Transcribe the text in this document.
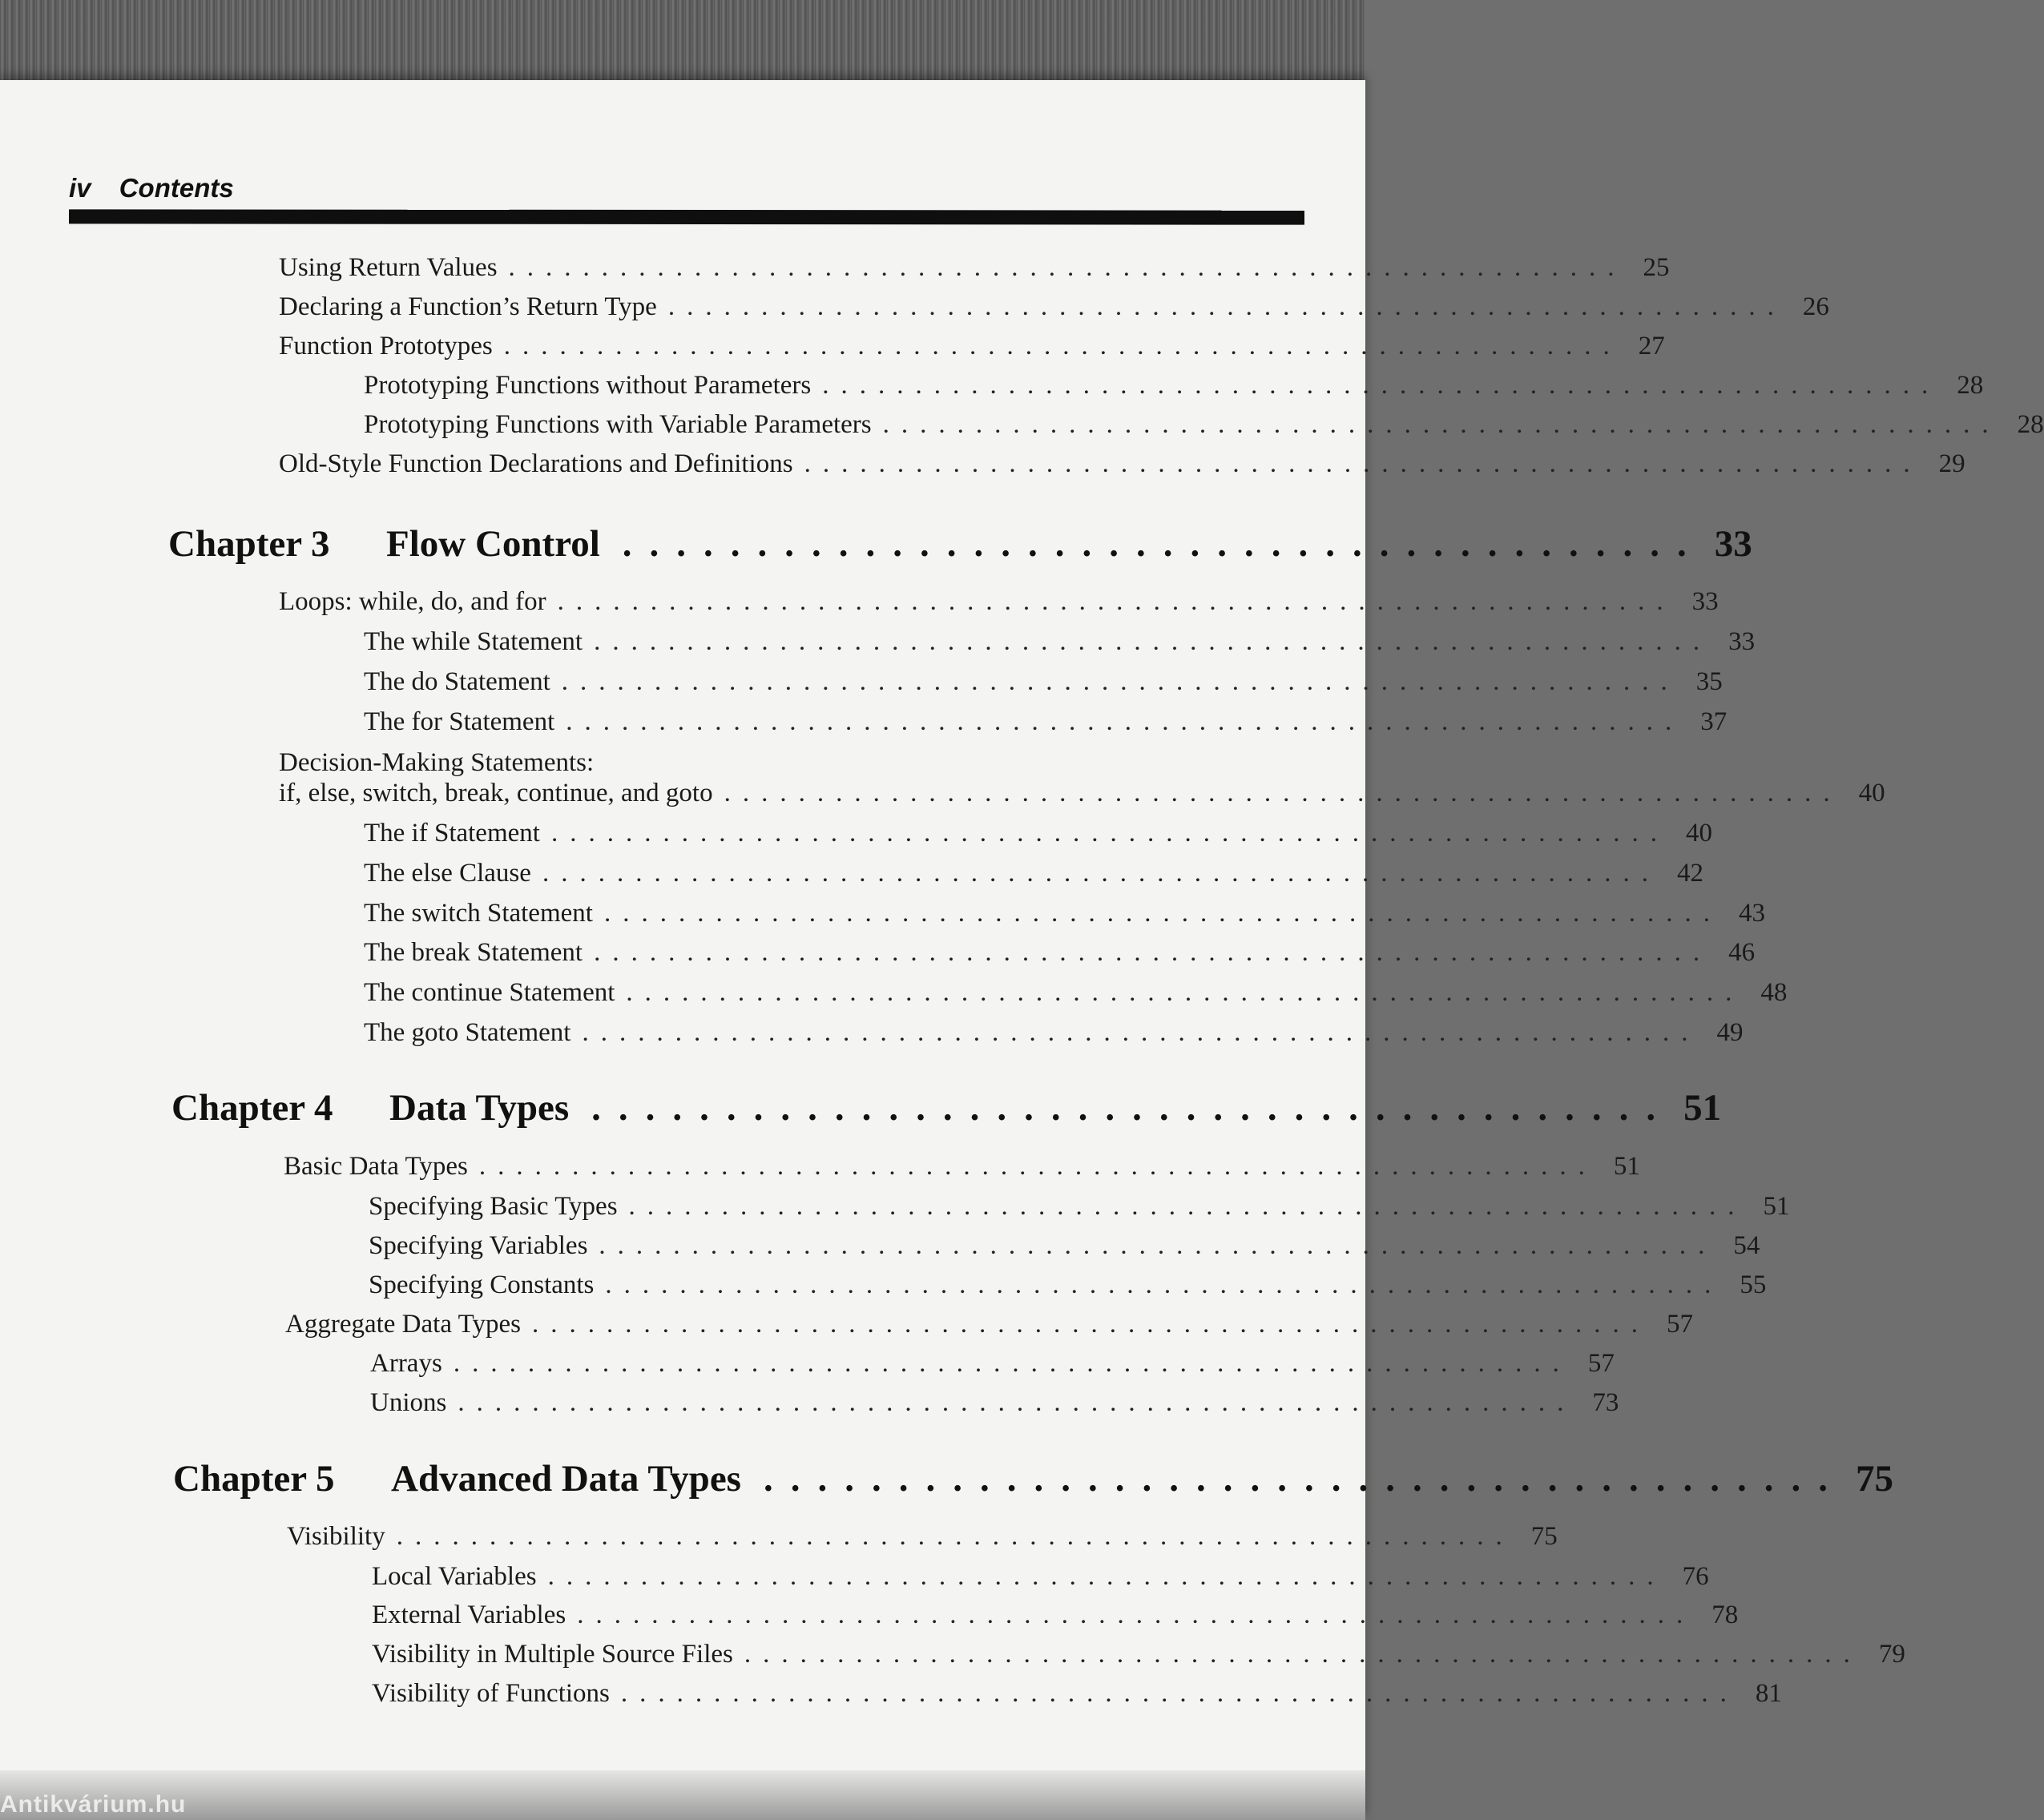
iv Contents
Using Return Values ............................................................ 25
Declaring a Function’s Return Type ............................................................ 26
Function Prototypes ............................................................ 27
Prototyping Functions without Parameters ............................................................ 28
Prototyping Functions with Variable Parameters ............................................................ 28
Old-Style Function Declarations and Definitions ............................................................ 29
Chapter 3	Flow Control ........................................ 33
Loops: while, do, and for ............................................................ 33
The while Statement ............................................................ 33
The do Statement ............................................................ 35
The for Statement ............................................................ 37
Decision-Making Statements:
if, else, switch, break, continue, and goto ............................................................ 40
The if Statement ............................................................ 40
The else Clause ............................................................ 42
The switch Statement ............................................................ 43
The break Statement ............................................................ 46
The continue Statement ............................................................ 48
The goto Statement ............................................................ 49
Chapter 4	Data Types ........................................ 51
Basic Data Types ............................................................ 51
Specifying Basic Types ............................................................ 51
Specifying Variables ............................................................ 54
Specifying Constants ............................................................ 55
Aggregate Data Types ............................................................ 57
Arrays ............................................................ 57
Unions ............................................................ 73
Chapter 5	Advanced Data Types ........................................ 75
Visibility ............................................................ 75
Local Variables ............................................................ 76
External Variables ............................................................ 78
Visibility in Multiple Source Files ............................................................ 79
Visibility of Functions ............................................................ 81
Antikvárium.hu
